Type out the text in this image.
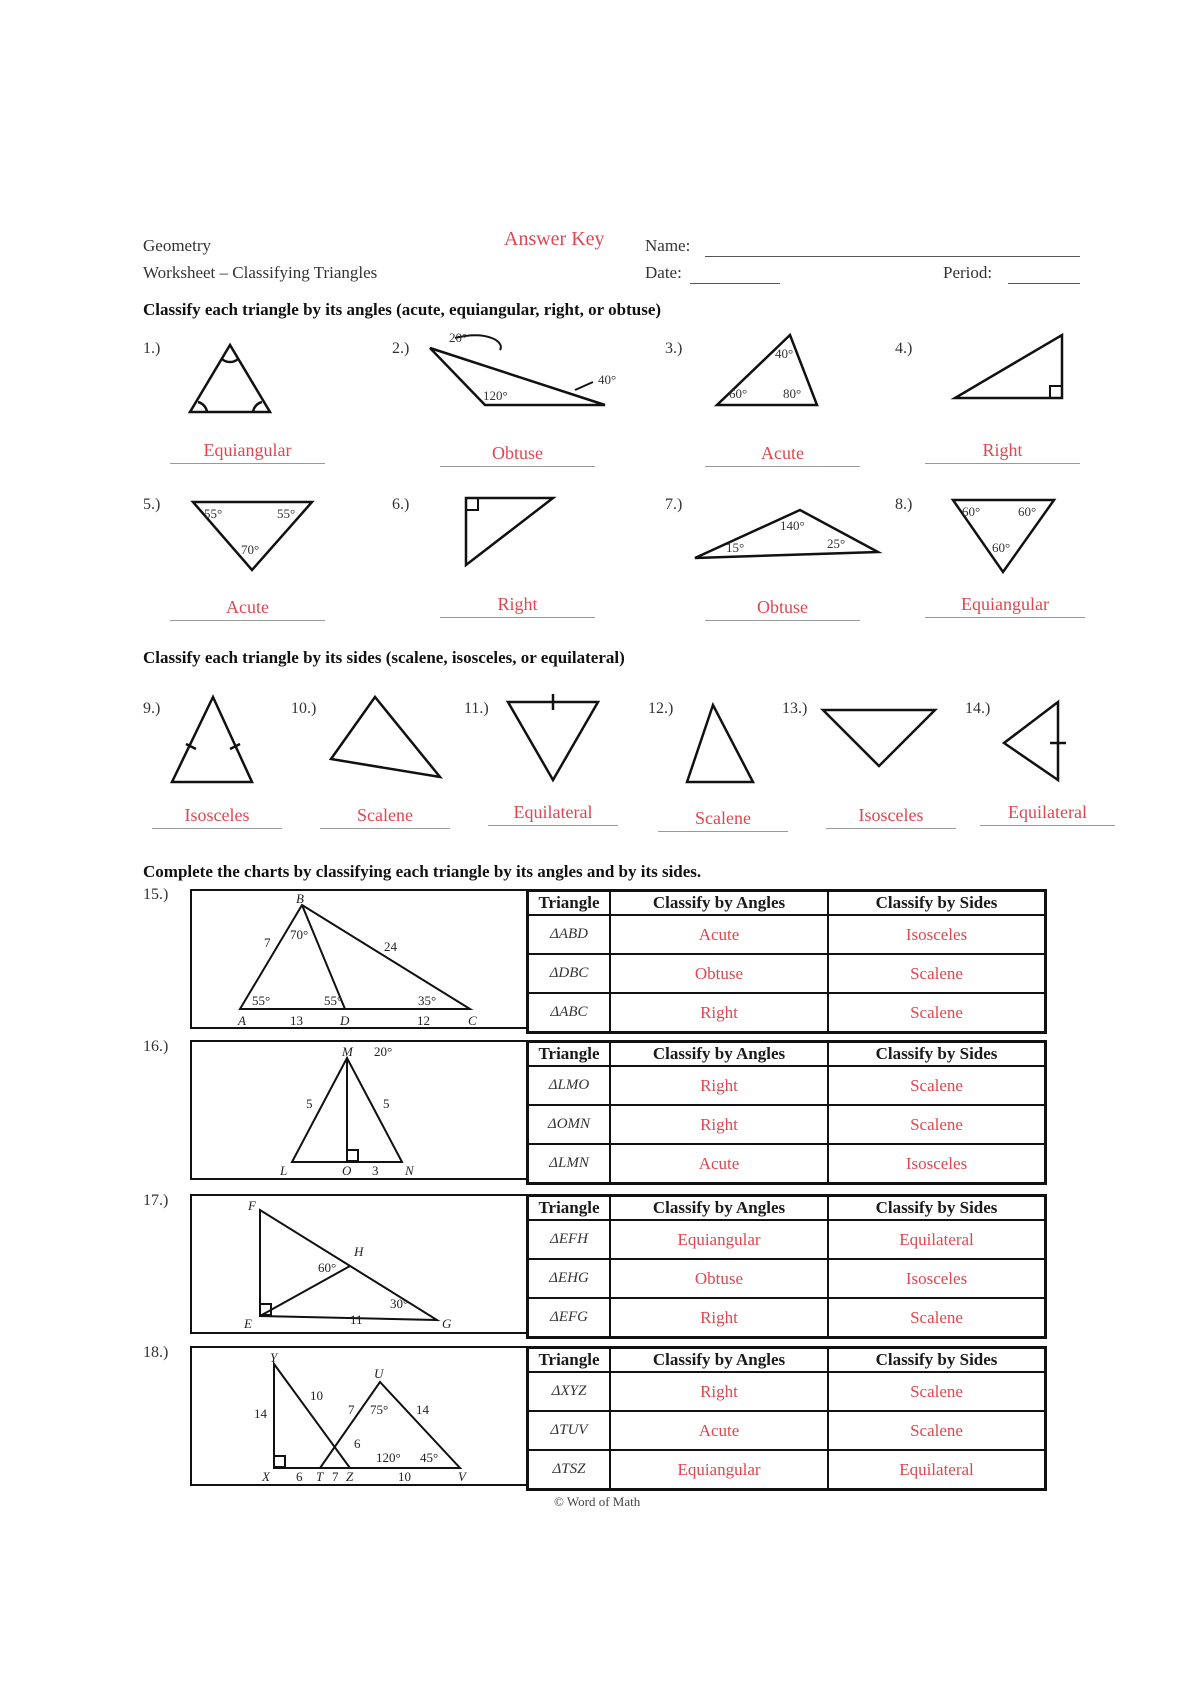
Geometry
Worksheet – Classifying Triangles
Answer Key Name:
Date:	Period:
Classify each triangle by its angles (acute, equiangular, right, or obtuse)
20°
120°
40°
40°
60°	80°
55°	55°
70°
140°
15°	25°
60°	60°
60°
1.)	2.)	3.)	4.)
Equiangular	Obtuse	Acute	Right
5.)	6.)	7.)	8.)
Acute	Right	Obtuse	Equiangular
Classify each triangle by its sides (scalene, isosceles, or equilateral)
9.)	10.)	11.)	12.)	13.)	14.)
Isosceles	Scalene	Equilateral	Scalene	Isosceles	Equilateral
Complete the charts by classifying each triangle by its angles and by its sides.
15.)	B
A	D	C
7
70°
24
55°	55°	35°
13	12
Triangle	Classify by Angles	Classify by Sides
ΔABD	Acute	Isosceles
ΔDBC	Obtuse	Scalene
ΔABC	Right	Scalene
16.)	M
L	O	N
20°
5	5
3
Triangle	Classify by Angles	Classify by Sides
ΔLMO	Right	Scalene
ΔOMN	Right	Scalene
ΔLMN	Acute	Isosceles
17.)	F
H
E	G
60°
11
30°
Triangle	Classify by Angles	Classify by Sides
ΔEFH	Equiangular	Equilateral
ΔEHG	Obtuse	Isosceles
ΔEFG	Right	Scalene
18.)	Y
U
X	T Z	V
14
10
7 75° 14
6
120° 45°
6 7	10
Triangle	Classify by Angles	Classify by Sides
ΔXYZ	Right	Scalene
ΔTUV	Acute	Scalene
ΔTSZ	Equiangular	Equilateral
© Word of Math
